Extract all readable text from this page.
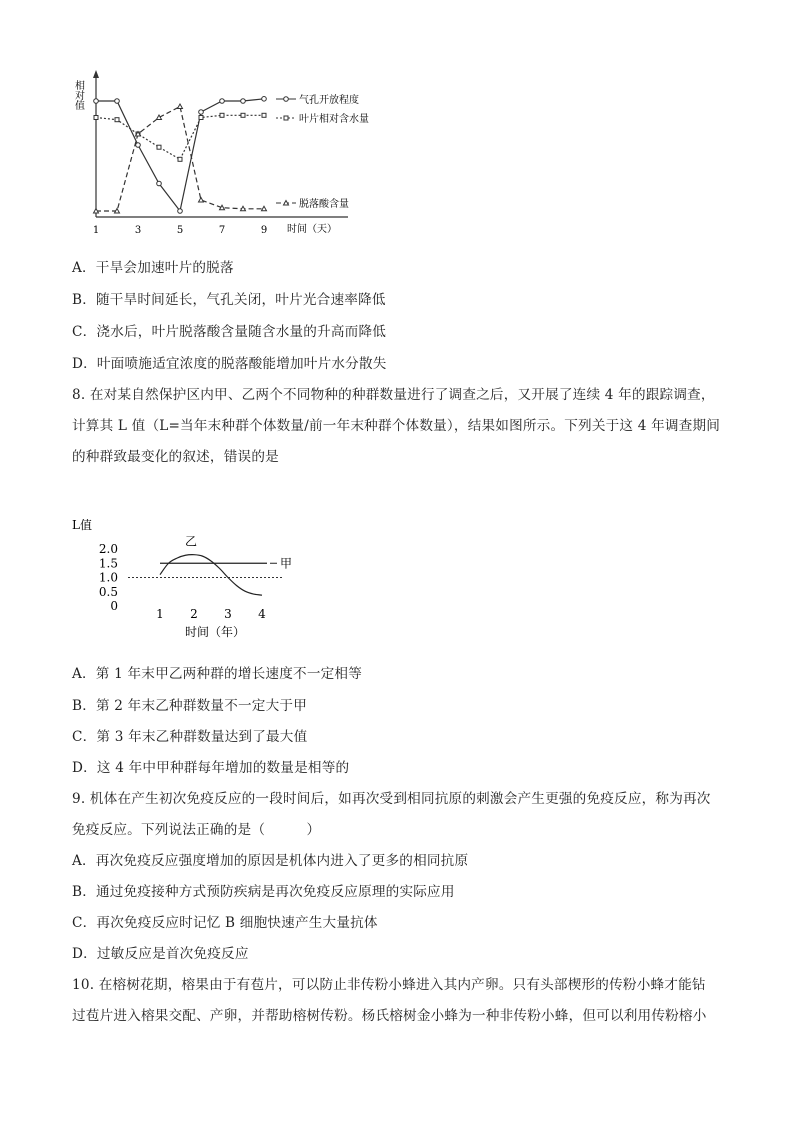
相对值
1	3	5	7	9 时间（天）
气孔开放程度
叶片相对含水量
脱落酸含量
A．干旱会加速叶片的脱落
B．随干旱时间延长，气孔关闭，叶片光合速率降低
C．浇水后，叶片脱落酸含量随含水量的升高而降低
D．叶面喷施适宜浓度的脱落酸能增加叶片水分散失
8. 在对某自然保护区内甲、乙两个不同物种的种群数量进行了调查之后，又开展了连续 4 年的跟踪调查，
计算其 L 值（L=当年末种群个体数量/前一年末种群个体数量），结果如图所示。下列关于这 4 年调查期间
的种群致最变化的叙述，错误的是
L值
0
0.5
1.0
1.5
2.0
1 2 3 4
甲
乙
时间（年）
A．第 1 年末甲乙两种群的增长速度不一定相等
B．第 2 年末乙种群数量不一定大于甲
C．第 3 年末乙种群数量达到了最大值
D．这 4 年中甲种群每年增加的数量是相等的
9. 机体在产生初次免疫反应的一段时间后，如再次受到相同抗原的刺激会产生更强的免疫反应，称为再次
免疫反应。下列说法正确的是（　　　）
A．再次免疫反应强度增加的原因是机体内进入了更多的相同抗原
B．通过免疫接种方式预防疾病是再次免疫反应原理的实际应用
C．再次免疫反应时记忆 B 细胞快速产生大量抗体
D．过敏反应是首次免疫反应
10. 在榕树花期，榕果由于有苞片，可以防止非传粉小蜂进入其内产卵。只有头部楔形的传粉小蜂才能钻
过苞片进入榕果交配、产卵，并帮助榕树传粉。杨氏榕树金小蜂为一种非传粉小蜂，但可以利用传粉榕小
